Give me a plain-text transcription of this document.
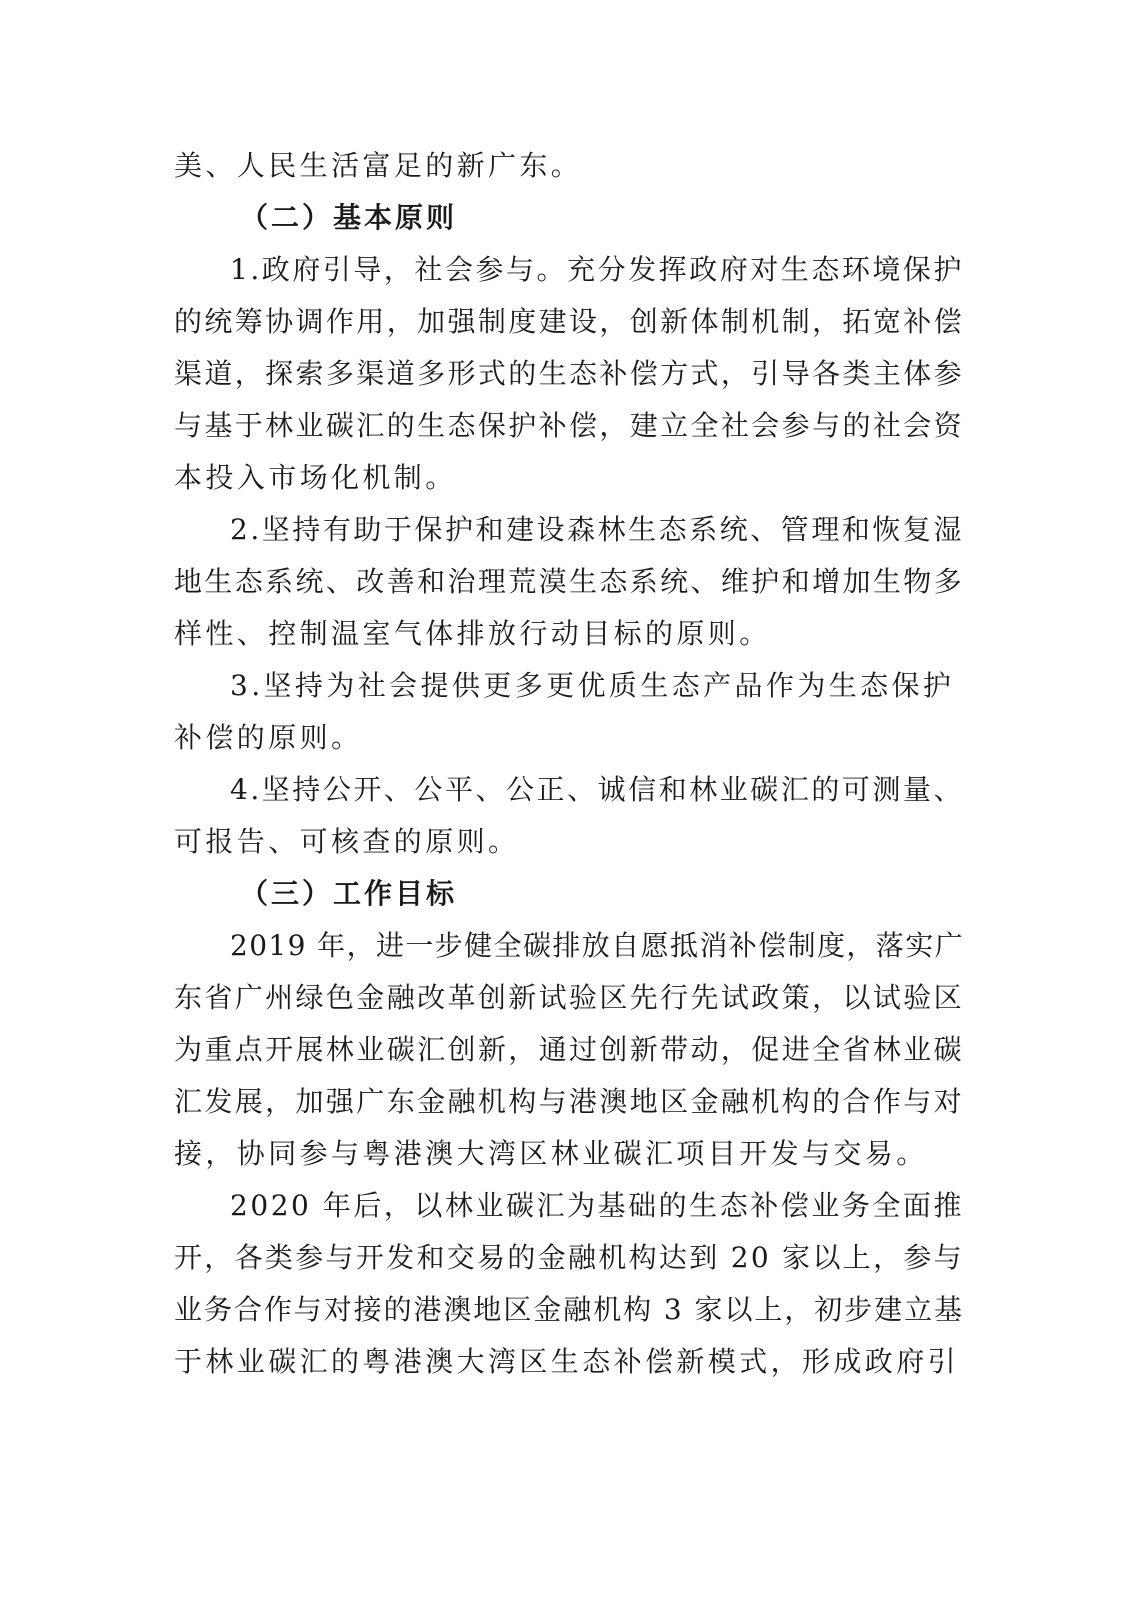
美、人民生活富足的新广东。

（二）基本原则

1.政府引导，社会参与。充分发挥政府对生态环境保护

的统筹协调作用，加强制度建设，创新体制机制，拓宽补偿

渠道，探索多渠道多形式的生态补偿方式，引导各类主体参

与基于林业碳汇的生态保护补偿，建立全社会参与的社会资

本投入市场化机制。

2.坚持有助于保护和建设森林生态系统、管理和恢复湿

地生态系统、改善和治理荒漠生态系统、维护和增加生物多

样性、控制温室气体排放行动目标的原则。

3.坚持为社会提供更多更优质生态产品作为生态保护

补偿的原则。

4.坚持公开、公平、公正、诚信和林业碳汇的可测量、

可报告、可核查的原则。

（三）工作目标

2019 年，进一步健全碳排放自愿抵消补偿制度，落实广

东省广州绿色金融改革创新试验区先行先试政策，以试验区

为重点开展林业碳汇创新，通过创新带动，促进全省林业碳

汇发展，加强广东金融机构与港澳地区金融机构的合作与对

接，协同参与粤港澳大湾区林业碳汇项目开发与交易。

2020 年后，以林业碳汇为基础的生态补偿业务全面推

开，各类参与开发和交易的金融机构达到 20 家以上，参与

业务合作与对接的港澳地区金融机构 3 家以上，初步建立基

于林业碳汇的粤港澳大湾区生态补偿新模式，形成政府引
